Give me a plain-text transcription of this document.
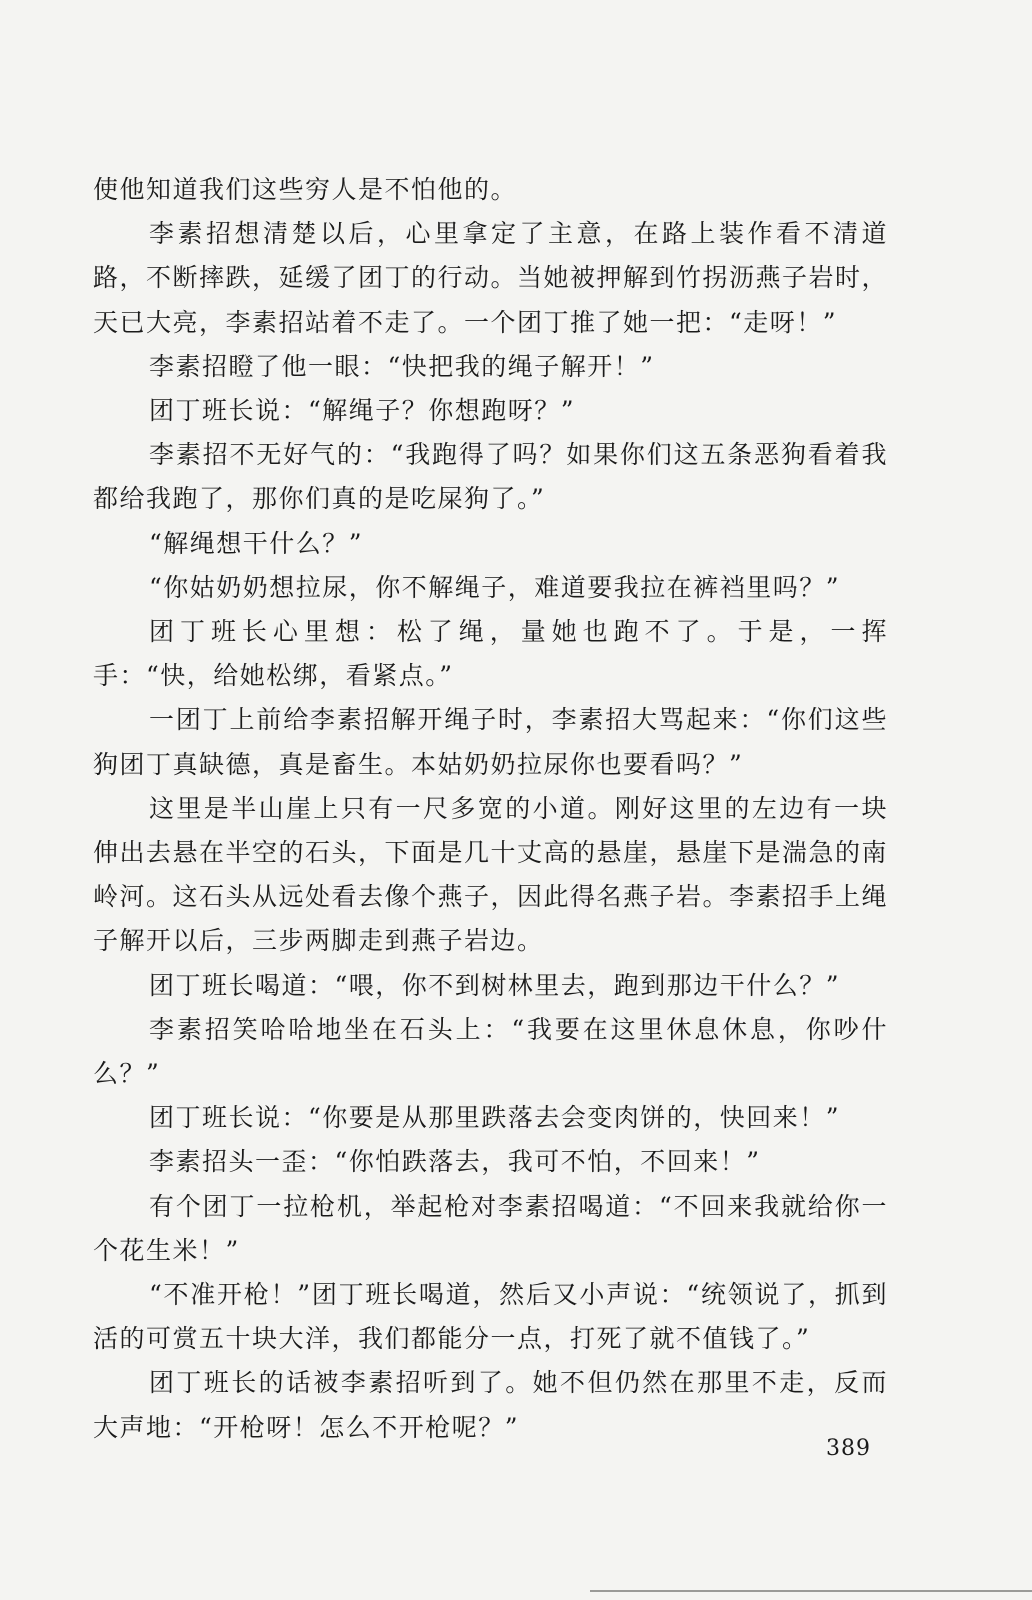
使他知道我们这些穷人是不怕他的。

李素招想清楚以后，心里拿定了主意，在路上装作看不清道路，不断摔跌，延缓了团丁的行动。当她被押解到竹拐沥燕子岩时，天已大亮，李素招站着不走了。一个团丁推了她一把：“走呀！”

李素招瞪了他一眼：“快把我的绳子解开！”

团丁班长说：“解绳子？你想跑呀？”

李素招不无好气的：“我跑得了吗？如果你们这五条恶狗看着我都给我跑了，那你们真的是吃屎狗了。”

“解绳想干什么？”

“你姑奶奶想拉尿，你不解绳子，难道要我拉在裤裆里吗？”

团丁班长心里想：松了绳，量她也跑不了。于是，一挥手：“快，给她松绑，看紧点。”

一团丁上前给李素招解开绳子时，李素招大骂起来：“你们这些狗团丁真缺德，真是畜生。本姑奶奶拉尿你也要看吗？”

这里是半山崖上只有一尺多宽的小道。刚好这里的左边有一块伸出去悬在半空的石头，下面是几十丈高的悬崖，悬崖下是湍急的南岭河。这石头从远处看去像个燕子，因此得名燕子岩。李素招手上绳子解开以后，三步两脚走到燕子岩边。

团丁班长喝道：“喂，你不到树林里去，跑到那边干什么？”

李素招笑哈哈地坐在石头上：“我要在这里休息休息，你吵什么？”

团丁班长说：“你要是从那里跌落去会变肉饼的，快回来！”

李素招头一歪：“你怕跌落去，我可不怕，不回来！”

有个团丁一拉枪机，举起枪对李素招喝道：“不回来我就给你一个花生米！”

“不准开枪！”团丁班长喝道，然后又小声说：“统领说了，抓到活的可赏五十块大洋，我们都能分一点，打死了就不值钱了。”

团丁班长的话被李素招听到了。她不但仍然在那里不走，反而大声地：“开枪呀！怎么不开枪呢？”

389
